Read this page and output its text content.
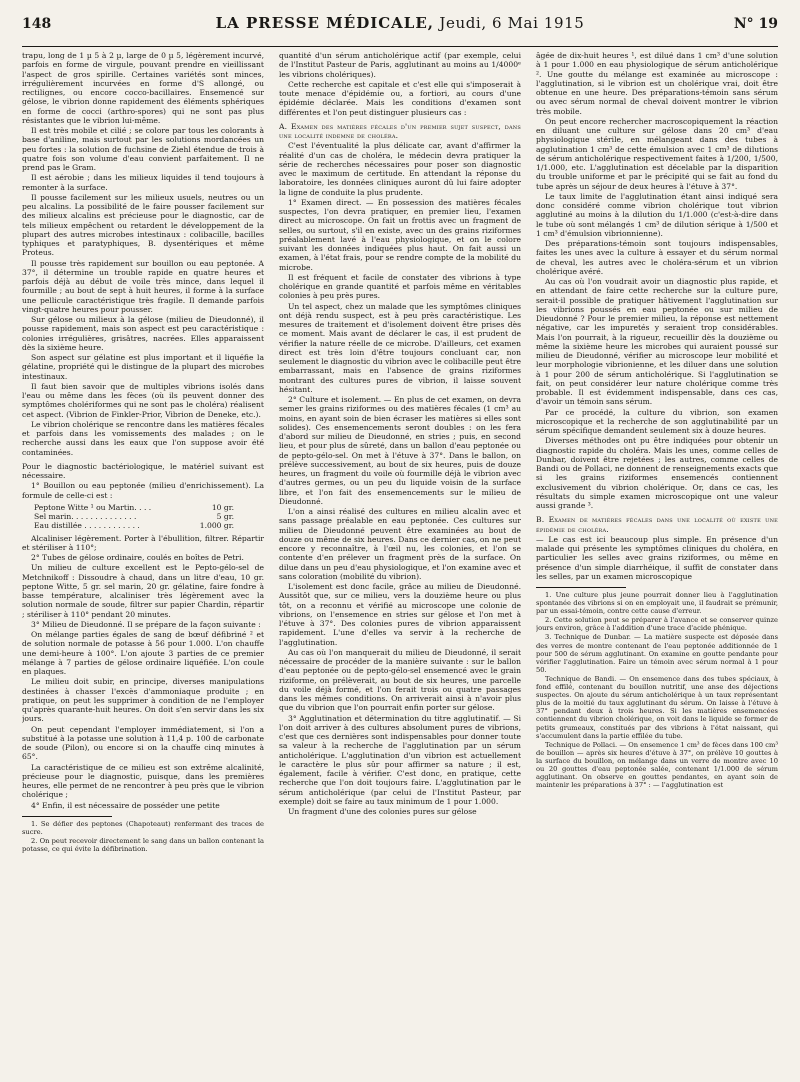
148	LA PRESSE MÉDICALE, Jeudi, 6 Mai 1915	N° 19

trapu, long de 1 µ 5 à 2 µ, large de 0 µ 5, légèrement incurvé, parfois en forme de virgule, pouvant prendre en vieillissant l'aspect de gros spirille. Certaines variétés sont minces, irrégulièrement incurvées en forme d'S allongé, ou rectilignes, ou encore cocco-bacillaires. Ensemencé sur gélose, le vibrion donne rapidement des éléments sphériques en forme de cocci (arthro-spores) qui ne sont pas plus résistantes que le vibrion lui-même.

Il est très mobile et cilié ; se colore par tous les colorants à base d'aniline, mais surtout par les solutions mordancées un peu fortes : la solution de fuchsine de Ziehl étendue de trois à quatre fois son volume d'eau convient parfaitement. Il ne prend pas le Gram.

Il est aérobie ; dans les milieux liquides il tend toujours à remonter à la surface.

Il pousse facilement sur les milieux usuels, neutres ou un peu alcalins. La possibilité de le faire pousser facilement sur des milieux alcalins est précieuse pour le diagnostic, car de tels milieux empêchent ou retardent le développement de la plupart des autres microbes intestinaux : colibacille, bacilles typhiques et paratyphiques, B. dysentériques et même Proteus.

Il pousse très rapidement sur bouillon ou eau peptonée. A 37°, il détermine un trouble rapide en quatre heures et parfois déjà au début de voile très mince, dans lequel il fourmille ; au bout de sept à huit heures, il forme à la surface une pellicule caractéristique très fragile. Il demande parfois vingt-quatre heures pour pousser.

Sur gélose ou milieux à la gélose (milieu de Dieudonné), il pousse rapidement, mais son aspect est peu caractéristique : colonies irrégulières, grisâtres, nacrées. Elles apparaissent dès la sixième heure.

Son aspect sur gélatine est plus important et il liquéfie la gélatine, propriété qui le distingue de la plupart des microbes intestinaux.

Il faut bien savoir que de multiples vibrions isolés dans l'eau ou même dans les fèces (où ils peuvent donner des symptômes cholériformes qui ne sont pas le choléra) réalisent cet aspect. (Vibrion de Finkler-Prior, Vibrion de Deneke, etc.).

Le vibrion cholérique se rencontre dans les matières fécales et parfois dans les vomissements des malades ; on le recherche aussi dans les eaux que l'on suppose avoir été contaminées.

Pour le diagnostic bactériologique, le matériel suivant est nécessaire.

1° Bouillon ou eau peptonée (milieu d'enrichissement). La formule de celle-ci est :

Peptone Witte ¹ ou Martin. . . .	10 gr.
Sel marin. . . . . . . . . . . . . .	5 gr.
Eau distillée . . . . . . . . . . . .	1.000 gr.

Alcaliniser légèrement. Porter à l'ébullition, filtrer. Répartir et stériliser à 110°;

2° Tubes de gélose ordinaire, coulés en boîtes de Petri.

Un milieu de culture excellent est le Pepto-gélo-sel de Metchnikoff : Dissoudre à chaud, dans un litre d'eau, 10 gr. peptone Witte, 5 gr. sel marin, 20 gr. gélatine, faire fondre à basse température, alcaliniser très légèrement avec la solution normale de soude, filtrer sur papier Chardin, répartir ; stériliser à 110° pendant 20 minutes.

3° Milieu de Dieudonné. Il se prépare de la façon suivante :

On mélange parties égales de sang de bœuf défibriné ² et de solution normale de potasse à 56 pour 1.000. L'on chauffe une demi-heure à 100°. L'on ajoute 3 parties de ce premier mélange à 7 parties de gélose ordinaire liquéfiée. L'on coule en plaques.

Le milieu doit subir, en principe, diverses manipulations destinées à chasser l'excès d'ammoniaque produite ; en pratique, on peut les supprimer à condition de ne l'employer qu'après quarante-huit heures. On doit s'en servir dans les six jours.

On peut cependant l'employer immédiatement, si l'on a substitué à la potasse une solution à 11,4 p. 100 de carbonate de soude (Pilon), ou encore si on la chauffe cinq minutes à 65°.

La caractéristique de ce milieu est son extrême alcalinité, précieuse pour le diagnostic, puisque, dans les premières heures, elle permet de ne rencontrer à peu près que le vibrion cholérique ;

4° Enfin, il est nécessaire de posséder une petite

1. Se défier des peptones (Chapoteaut) renfermant des traces de sucre.

2. On peut recevoir directement le sang dans un ballon contenant la potasse, ce qui évite la défibrination.

quantité d'un sérum anticholérique actif (par exemple, celui de l'Institut Pasteur de Paris, agglutinant au moins au 1/4000ᵉ les vibrions cholériques).

Cette recherche est capitale et c'est elle qui s'imposerait à toute menace d'épidémie ou, a fortiori, au cours d'une épidémie déclarée. Mais les conditions d'examen sont différentes et l'on peut distinguer plusieurs cas :

A. Examen des matières fécales d'un premier sujet suspect, dans une localité indemne de choléra.

C'est l'éventualité la plus délicate car, avant d'affirmer la réalité d'un cas de choléra, le médecin devra pratiquer la série de recherches nécessaires pour poser son diagnostic avec le maximum de certitude. En attendant la réponse du laboratoire, les données cliniques auront dû lui faire adopter la ligne de conduite la plus prudente.

1° Examen direct. — En possession des matières fécales suspectes, l'on devra pratiquer, en premier lieu, l'examen direct au microscope. On fait un frottis avec un fragment de selles, ou surtout, s'il en existe, avec un des grains riziformes préalablement lavé à l'eau physiologique, et on le colore suivant les données indiquées plus haut. On fait aussi un examen, à l'état frais, pour se rendre compte de la mobilité du microbe.

Il est fréquent et facile de constater des vibrions à type cholérique en grande quantité et parfois même en véritables colonies à peu près pures.

Un tel aspect, chez un malade que les symptômes cliniques ont déjà rendu suspect, est à peu près caractéristique. Les mesures de traitement et d'isolement doivent être prises dès ce moment. Mais avant de déclarer le cas, il est prudent de vérifier la nature réelle de ce microbe. D'ailleurs, cet examen direct est très loin d'être toujours concluant car, non seulement le diagnostic du vibrion avec le colibacille peut être embarrassant, mais en l'absence de grains riziformes montrant des cultures pures de vibrion, il laisse souvent hésitant.

2° Culture et isolement. — En plus de cet examen, on devra semer les grains riziformes ou des matières fécales (1 cm³ au moins, en ayant soin de bien écraser les matières si elles sont solides). Ces ensemencements seront doubles : on les fera d'abord sur milieu de Dieudonné, en stries ; puis, en second lieu, et pour plus de sûreté, dans un ballon d'eau peptonée ou de pepto-gélo-sel. On met à l'étuve à 37°. Dans le ballon, on prélève successivement, au bout de six heures, puis de douze heures, un fragment du voile où fourmille déjà le vibrion avec d'autres germes, ou un peu du liquide voisin de la surface libre, et l'on fait des ensemencements sur le milieu de Dieudonné.

L'on a ainsi réalisé des cultures en milieu alcalin avec et sans passage préalable en eau peptonée. Ces cultures sur milieu de Dieudonné peuvent être examinées au bout de douze ou même de six heures. Dans ce dernier cas, on ne peut encore y reconnaître, à l'œil nu, les colonies, et l'on se contente d'en prélever un fragment près de la surface. On dilue dans un peu d'eau physiologique, et l'on examine avec et sans coloration (mobilité du vibrion).

L'isolement est donc facile, grâce au milieu de Dieudonné. Aussitôt que, sur ce milieu, vers la douzième heure ou plus tôt, on a reconnu et vérifié au microscope une colonie de vibrions, on l'ensemence en stries sur gélose et l'on met à l'étuve à 37°. Des colonies pures de vibrion apparaissent rapidement. L'une d'elles va servir à la recherche de l'agglutination.

Au cas où l'on manquerait du milieu de Dieudonné, il serait nécessaire de procéder de la manière suivante : sur le ballon d'eau peptonée ou de pepto-gélo-sel ensemencé avec le grain riziforme, on prélèverait, au bout de six heures, une parcelle du voile déjà formé, et l'on ferait trois ou quatre passages dans les mêmes conditions. On arriverait ainsi à n'avoir plus que du vibrion que l'on pourrait enfin porter sur gélose.

3° Agglutination et détermination du titre agglutinatif. — Si l'on doit arriver à des cultures absolument pures de vibrions, c'est que ces dernières sont indispensables pour donner toute sa valeur à la recherche de l'agglutination par un sérum anticholérique. L'agglutination d'un vibrion est actuellement le caractère le plus sûr pour affirmer sa nature ; il est, également, facile à vérifier. C'est donc, en pratique, cette recherche que l'on doit toujours faire. L'agglutination par le sérum anticholérique (par celui de l'Institut Pasteur, par exemple) doit se faire au taux minimum de 1 pour 1.000.

Un fragment d'une des colonies pures sur gélose

âgée de dix-huit heures ¹, est dilué dans 1 cm³ d'une solution à 1 pour 1.000 en eau physiologique de sérum anticholérique ². Une goutte du mélange est examinée au microscope : l'agglutination, si le vibrion est un cholérique vrai, doit être obtenue en une heure. Des préparations-témoin sans sérum ou avec sérum normal de cheval doivent montrer le vibrion très mobile.

On peut encore rechercher macroscopiquement la réaction en diluant une culture sur gélose dans 20 cm³ d'eau physiologique stérile, en mélangeant dans des tubes à agglutination 1 cm³ de cette émulsion avec 1 cm³ de dilutions de sérum anticholérique respectivement faites à 1/200, 1/500, 1/1.000, etc. L'agglutination est décelable par la disparition du trouble uniforme et par le précipité qui se fait au fond du tube après un séjour de deux heures à l'étuve à 37°.

Le taux limite de l'agglutination étant ainsi indiqué sera donc considéré comme vibrion cholérique tout vibrion agglutiné au moins à la dilution du 1/1.000 (c'est-à-dire dans le tube où sont mélangés 1 cm³ de dilution sérique à 1/500 et 1 cm³ d'émulsion vibrionnienne).

Des préparations-témoin sont toujours indispensables, faites les unes avec la culture à essayer et du sérum normal de cheval, les autres avec le choléra-sérum et un vibrion cholérique avéré.

Au cas où l'on voudrait avoir un diagnostic plus rapide, et en attendant de faire cette recherche sur la culture pure, serait-il possible de pratiquer hâtivement l'agglutination sur les vibrions poussés en eau peptonée ou sur milieu de Dieudonné ? Pour le premier milieu, la réponse est nettement négative, car les impuretés y seraient trop considérables. Mais l'on pourrait, à la rigueur, recueillir dès la douzième ou même la sixième heure les microbes qui auraient poussé sur milieu de Dieudonné, vérifier au microscope leur mobilité et leur morphologie vibrionienne, et les diluer dans une solution à 1 pour 200 de sérum anticholérique. Si l'agglutination se fait, on peut considérer leur nature cholérique comme très probable. Il est évidemment indispensable, dans ces cas, d'avoir un témoin sans sérum.

Par ce procédé, la culture du vibrion, son examen microscopique et la recherche de son agglutinabilité par un sérum spécifique demandent seulement six à douze heures.

Diverses méthodes ont pu être indiquées pour obtenir un diagnostic rapide du choléra. Mais les unes, comme celles de Dunbar, doivent être rejetées ; les autres, comme celles de Bandi ou de Pollaci, ne donnent de renseignements exacts que si les grains riziformes ensemencés contiennent exclusivement du vibrion cholérique. Or, dans ce cas, les résultats du simple examen microscopique ont une valeur aussi grande ³.

B. Examen de matières fécales dans une localité où existe une épidémie de choléra.

— Le cas est ici beaucoup plus simple. En présence d'un malade qui présente les symptômes cliniques du choléra, en particulier les selles avec grains riziformes, ou même en présence d'un simple diarrhéique, il suffit de constater dans les selles, par un examen microscopique

1. Une culture plus jeune pourrait donner lieu à l'agglutination spontanée des vibrions si on en employait une, il faudrait se prémunir, par un essai-témoin, contre cette cause d'erreur.

2. Cette solution peut se préparer à l'avance et se conserver quinze jours environ, grâce à l'addition d'une trace d'acide phénique.

3. Technique de Dunbar. — La matière suspecte est déposée dans des verres de montre contenant de l'eau peptonée additionnée de 1 pour 500 de sérum agglutinant. On examine en goutte pendante pour vérifier l'agglutination. Faire un témoin avec sérum normal à 1 pour 50.

Technique de Bandi. — On ensemence dans des tubes spéciaux, à fond effilé, contenant du bouillon nutritif, une anse des déjections suspectes. On ajoute du sérum anticholérique à un taux représentant plus de la moitié du taux agglutinant du sérum. On laisse à l'étuve à 37° pendant deux à trois heures. Si les matières ensemencées contiennent du vibrion cholérique, on voit dans le liquide se former de petits grumeaux, constitués par des vibrions à l'état naissant, qui s'accumulent dans la partie effilée du tube.

Technique de Pollaci. — On ensemence 1 cm³ de fèces dans 100 cm³ de bouillon — après six heures d'étuve à 37°, on prélève 10 gouttes à la surface du bouillon, on mélange dans un verre de montre avec 10 ou 20 gouttes d'eau peptonée salée, contenant 1/1.000 de sérum agglutinant. On observe en gouttes pendantes, en ayant soin de maintenir les préparations à 37° : — l'agglutination est
